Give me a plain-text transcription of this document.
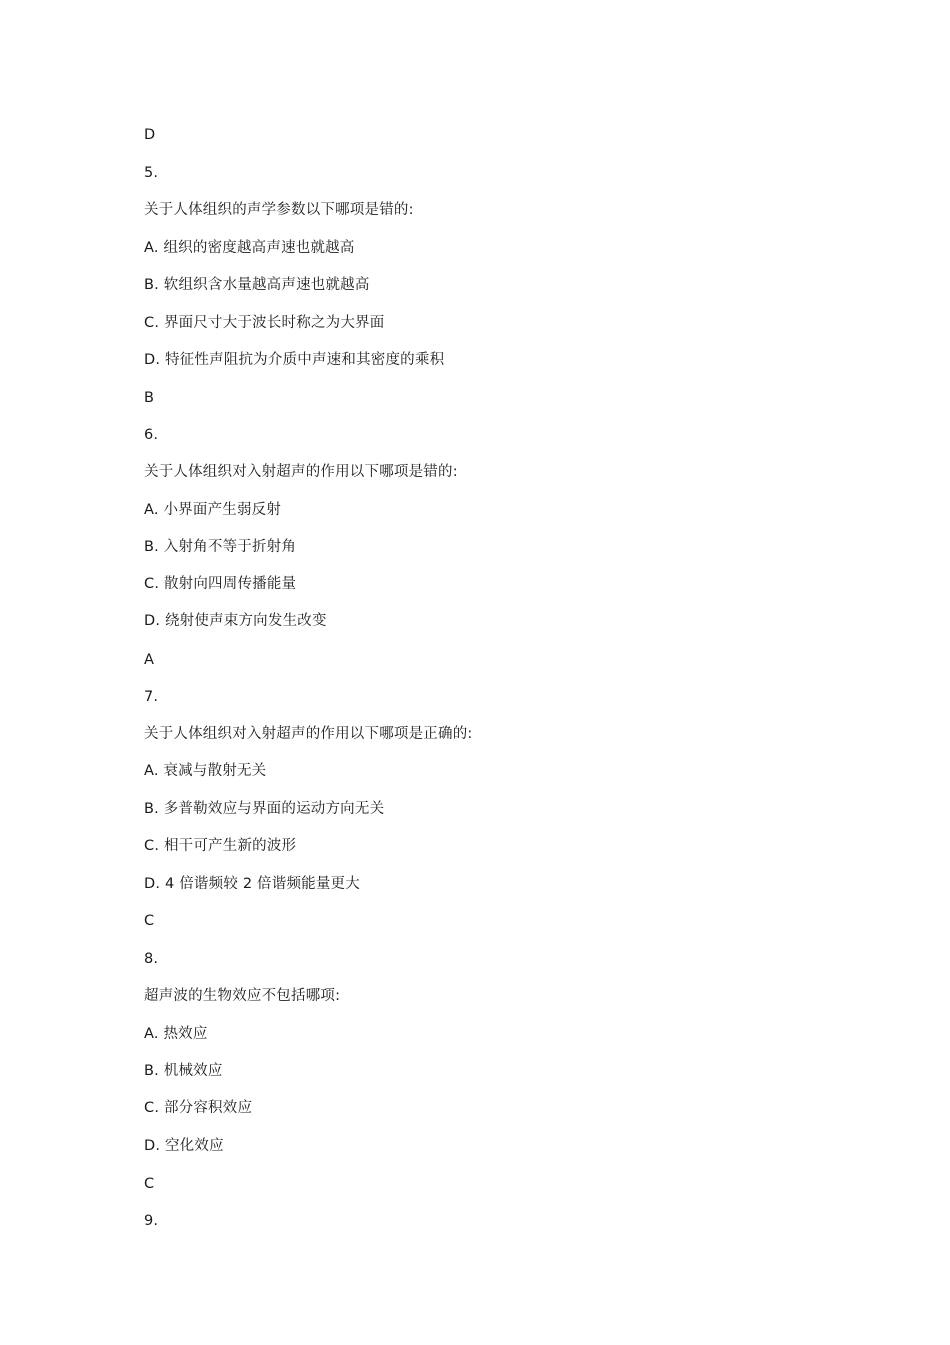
D
5.
关于人体组织的声学参数以下哪项是错的:
A. 组织的密度越高声速也就越高
B. 软组织含水量越高声速也就越高
C. 界面尺寸大于波长时称之为大界面
D. 特征性声阻抗为介质中声速和其密度的乘积
B
6.
关于人体组织对入射超声的作用以下哪项是错的:
A. 小界面产生弱反射
B. 入射角不等于折射角
C. 散射向四周传播能量
D. 绕射使声束方向发生改变
A
7.
关于人体组织对入射超声的作用以下哪项是正确的:
A. 衰减与散射无关
B. 多普勒效应与界面的运动方向无关
C. 相干可产生新的波形
D. 4 倍谐频较 2 倍谐频能量更大
C
8.
超声波的生物效应不包括哪项:
A. 热效应
B. 机械效应
C. 部分容积效应
D. 空化效应
C
9.
